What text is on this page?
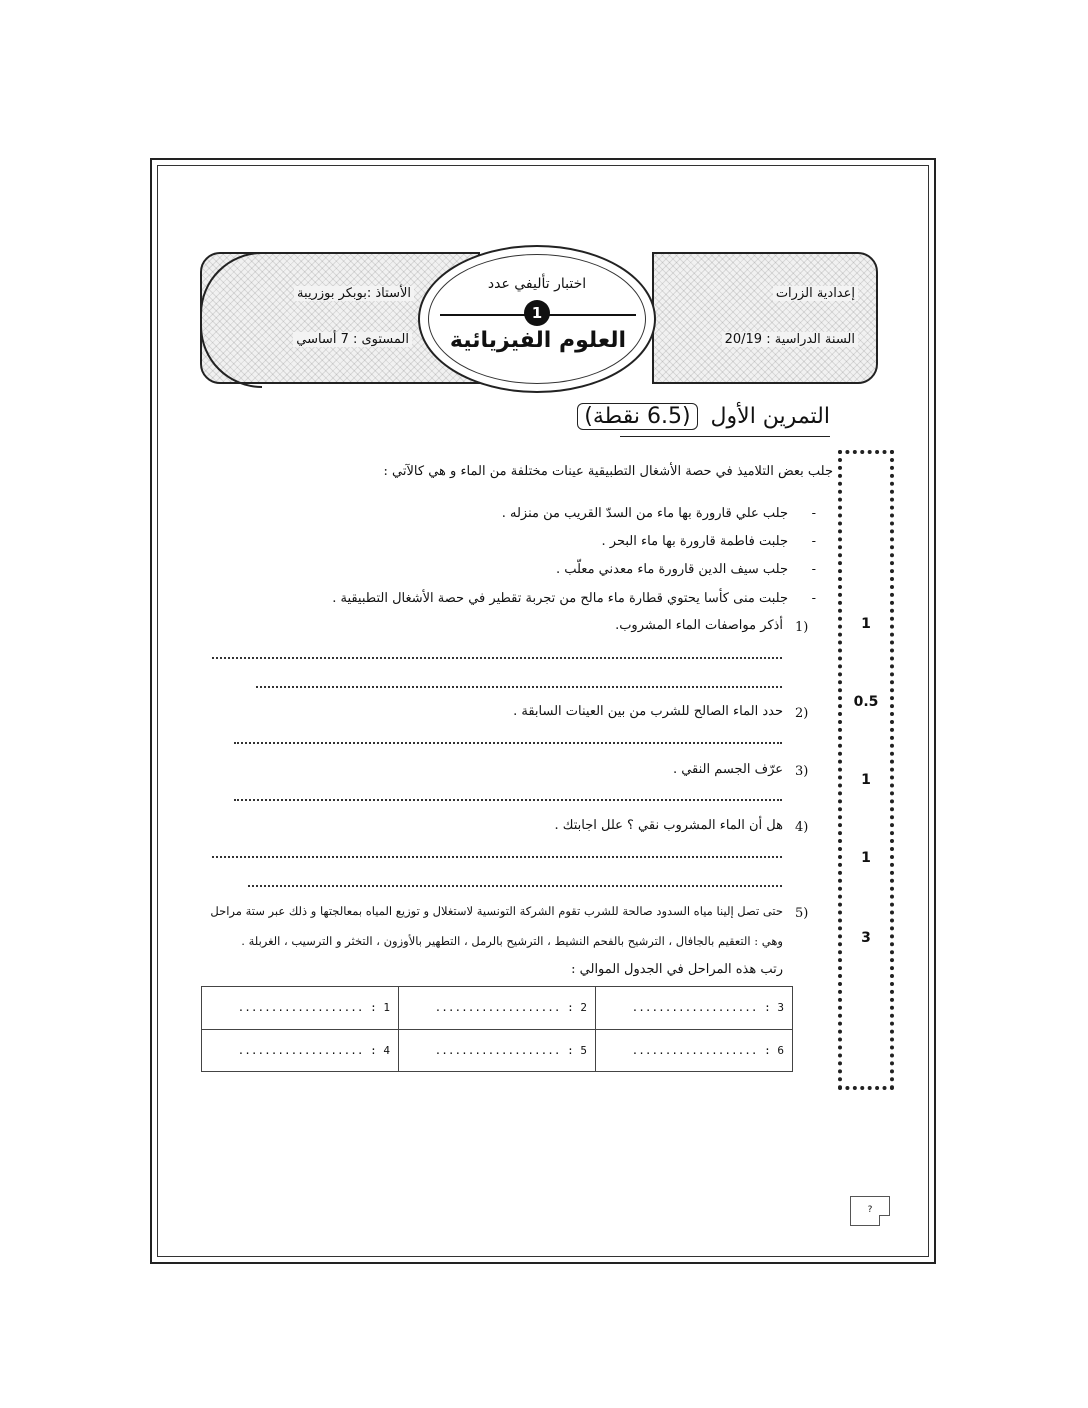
الأستاذ :بوبكر بوزريبة
المستوى : 7 أساسي
إعدادية الزرات
السنة الدراسية : 20/19
اختبار تأليفي عدد
1
العلوم الفيزيائية
التمرين الأول (6.5 نقطة)
1
0.5
1
1
3
جلب بعض التلاميذ في حصة الأشغال التطبيقية عينات مختلفة من الماء و هي كالآتي :
- جلب علي قارورة بها ماء من السدّ القريب من منزله .
- جلبت فاطمة قارورة بها ماء البحر .
- جلب سيف الدين قارورة ماء معدني معلّب .
- جلبت منى كأسا يحتوي قطارة ماء مالح من تجربة تقطير في حصة الأشغال التطبيقية .
1)
أذكر مواصفات الماء المشروب.
2)
حدد الماء الصالح للشرب من بين العينات السابقة .
3)
عرّف الجسم النقي .
4)
هل أن الماء المشروب نقي ؟ علل اجابتك .
5)
حتى تصل إلينا مياه السدود صالحة للشرب تقوم الشركة التونسية لاستغلال و توزيع المياه بمعالجتها و ذلك عبر ستة مراحل
وهي : التعقيم بالجافال ، الترشيح بالفحم النشيط ، الترشيح بالرمل ، التطهير بالأوزون ، التخثر و الترسيب ، الغربلة .
رتب هذه المراحل في الجدول الموالي :
1 : ...................	2 : ...................	3 : ...................
4 : ...................	5 : ...................	6 : ...................
?
